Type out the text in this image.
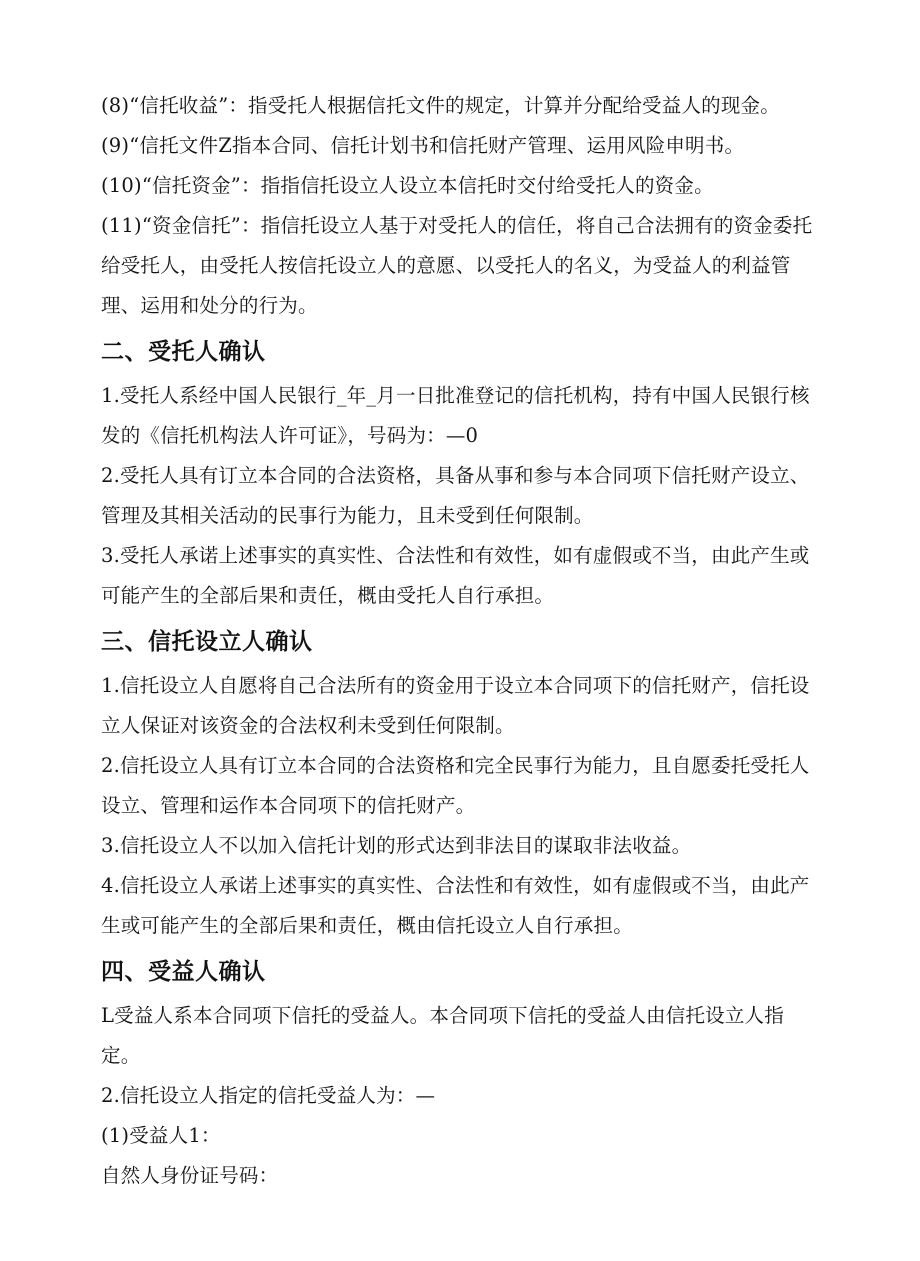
(8)“信托收益”：指受托人根据信托文件的规定，计算并分配给受益人的现金。

(9)“信托文件Z指本合同、信托计划书和信托财产管理、运用风险申明书。

(10)“信托资金”：指指信托设立人设立本信托时交付给受托人的资金。

(11)“资金信托”：指信托设立人基于对受托人的信任，将自己合法拥有的资金委托给受托人，由受托人按信托设立人的意愿、以受托人的名义，为受益人的利益管理、运用和处分的行为。

二、受托人确认

1.受托人系经中国人民银行_年_月一日批准登记的信托机构，持有中国人民银行核发的《信托机构法人许可证》，号码为：—0

2.受托人具有订立本合同的合法资格，具备从事和参与本合同项下信托财产设立、管理及其相关活动的民事行为能力，且未受到任何限制。

3.受托人承诺上述事实的真实性、合法性和有效性，如有虚假或不当，由此产生或可能产生的全部后果和责任，概由受托人自行承担。

三、信托设立人确认

1.信托设立人自愿将自己合法所有的资金用于设立本合同项下的信托财产，信托设立人保证对该资金的合法权利未受到任何限制。

2.信托设立人具有订立本合同的合法资格和完全民事行为能力，且自愿委托受托人设立、管理和运作本合同项下的信托财产。

3.信托设立人不以加入信托计划的形式达到非法目的谋取非法收益。

4.信托设立人承诺上述事实的真实性、合法性和有效性，如有虚假或不当，由此产生或可能产生的全部后果和责任，概由信托设立人自行承担。

四、受益人确认

L受益人系本合同项下信托的受益人。本合同项下信托的受益人由信托设立人指定。

2.信托设立人指定的信托受益人为：—

(1)受益人1：

自然人身份证号码：
